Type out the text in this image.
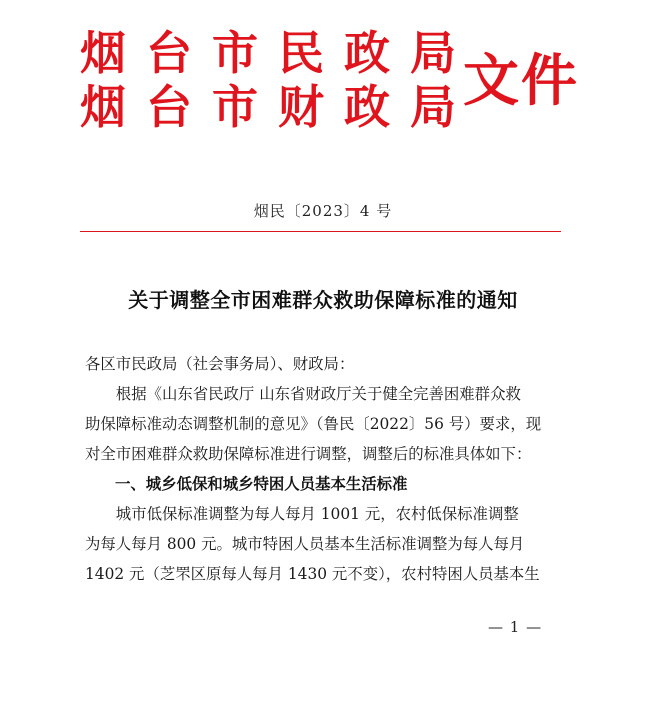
烟台市民政局
烟台市财政局
文件
烟民〔2023〕4 号
关于调整全市困难群众救助保障标准的通知
各区市民政局（社会事务局）、财政局：
根据《山东省民政厅 山东省财政厅关于健全完善困难群众救
助保障标准动态调整机制的意见》（鲁民〔2022〕56 号）要求，现
对全市困难群众救助保障标准进行调整，调整后的标准具体如下：
一、城乡低保和城乡特困人员基本生活标准
城市低保标准调整为每人每月 1001 元，农村低保标准调整
为每人每月 800 元。城市特困人员基本生活标准调整为每人每月
1402 元（芝罘区原每人每月 1430 元不变），农村特困人员基本生
— 1 —
